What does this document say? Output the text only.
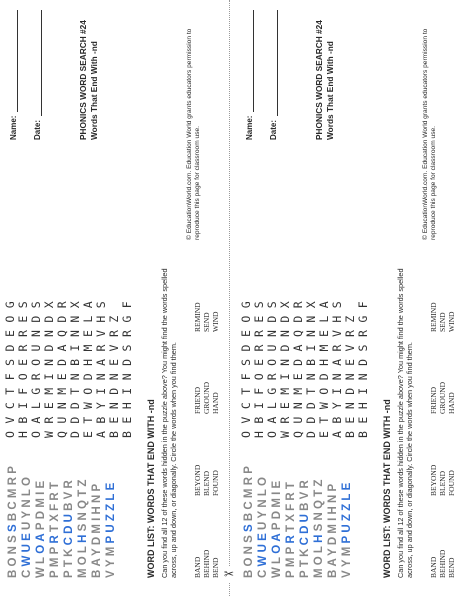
BONSSBCMRP
CWUEUYNLO
WLOAPDMIE
PMPRTXFRT
PTKCDUBVR
MOLHSNQTZ BAYDMIHNP VYMPUZZLE
OVCTFSDEOG HBIFOERRES OALGROUNDS WREMINDNDX QUNMEDAQDR DDDTNBINNX ETWODHMELA ABYINARVHS BENDNEVRZ BEHINDSRGF
Name: Date:	PHONICS WORD SEARCH #24 Words That End With -nd
WORD LIST: WORDS THAT END WITH -nd Can you find all 12 of these words hidden in the puzzle above? You might find the words spelled across, up and down, or diagonally. Circle the words when you find them. BAND
BEYOND
FRIEND
REMIND
BEHIND
BLEND
GROUND
SEND
BEND
FOUND
HAND
WIND
© EducationWorld.com. Education World grants educators permission to reproduce this page for classroom use.
✂ BONSSBCMRP
CWUEUYNLO
WLOAPDMIE
PMPRTXFRT
PTKCDUBVR
MOLHSNQTZ BAYDMIHNP VYMPUZZLE
OVCTFSDEOG HBIFOERRES OALGROUNDS WREMINDNDX QUNMEDAQDR DDDTNBINNX ETWODHMELA ABYINARVHS BENDNEVRZ BEHINDSRGF
Name: Date:	PHONICS WORD SEARCH #24 Words That End With -nd
WORD LIST: WORDS THAT END WITH -nd Can you find all 12 of these words hidden in the puzzle above? You might find the words spelled across, up and down, or diagonally. Circle the words when you find them. BAND
BEYOND
FRIEND
REMIND
BEHIND
BLEND
GROUND
SEND
BEND
FOUND
HAND
WIND
© EducationWorld.com. Education World grants educators permission to reproduce this page for classroom use.
